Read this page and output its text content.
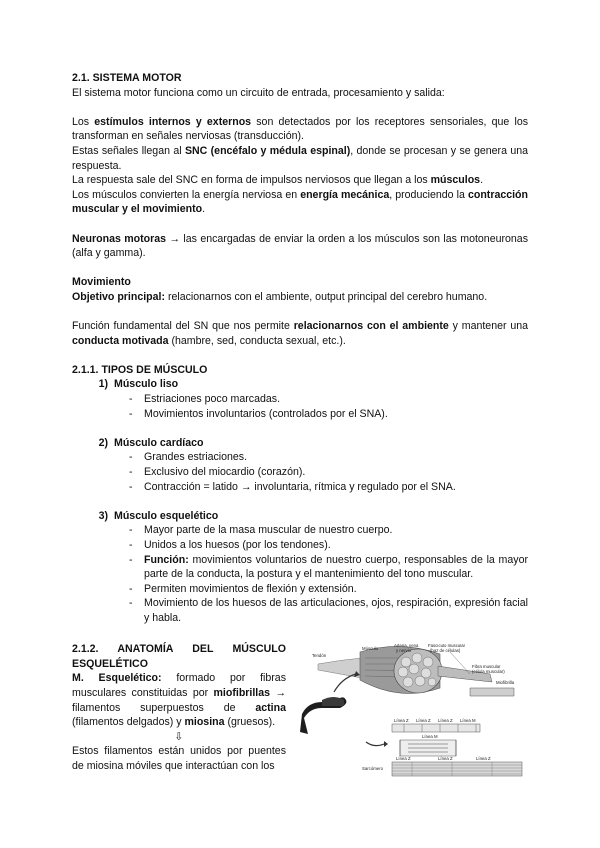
2.1. SISTEMA MOTOR

El sistema motor funciona como un circuito de entrada, procesamiento y salida:

Los estímulos internos y externos son detectados por los receptores sensoriales, que los transforman en señales nerviosas (transducción).

Estas señales llegan al SNC (encéfalo y médula espinal), donde se procesan y se genera una respuesta.

La respuesta sale del SNC en forma de impulsos nerviosos que llegan a los músculos.

Los músculos convierten la energía nerviosa en energía mecánica, produciendo la contracción muscular y el movimiento.

Neuronas motoras → las encargadas de enviar la orden a los músculos son las motoneuronas (alfa y gamma).

Movimiento

Objetivo principal: relacionarnos con el ambiente, output principal del cerebro humano.

Función fundamental del SN que nos permite relacionarnos con el ambiente y mantener una conducta motivada (hambre, sed, conducta sexual, etc.).

2.1.1. TIPOS DE MÚSCULO

1) Músculo liso
- Estriaciones poco marcadas.
- Movimientos involuntarios (controlados por el SNA).
2) Músculo cardíaco
- Grandes estriaciones.
- Exclusivo del miocardio (corazón).
- Contracción = latido → involuntaria, rítmica y regulado por el SNA.
3) Músculo esquelético
- Mayor parte de la masa muscular de nuestro cuerpo.
- Unidos a los huesos (por los tendones).
- Función: movimientos voluntarios de nuestro cuerpo, responsables de la mayor parte de la conducta, la postura y el mantenimiento del tono muscular.
- Permiten movimientos de flexión y extensión.
- Movimiento de los huesos de las articulaciones, ojos, respiración, expresión facial y habla.

2.1.2. ANATOMÍA DEL MÚSCULO ESQUELÉTICO

M. Esquelético: formado por fibras musculares constituidas por miofibrillas → filamentos superpuestos de actina (filamentos delgados) y miosina (gruesos).

⇩

Estos filamentos están unidos por puentes de miosina móviles que interactúan con los

Músculo
Arteria, vena
y nervio
Fascículo muscular
(haz de células)
Tendón
Fibra muscular
(célula muscular)
Miofibrilla
Línea Z Línea Z Línea Z Línea M
Línea M
Línea Z	Línea Z	Línea Z
Sarcómero
